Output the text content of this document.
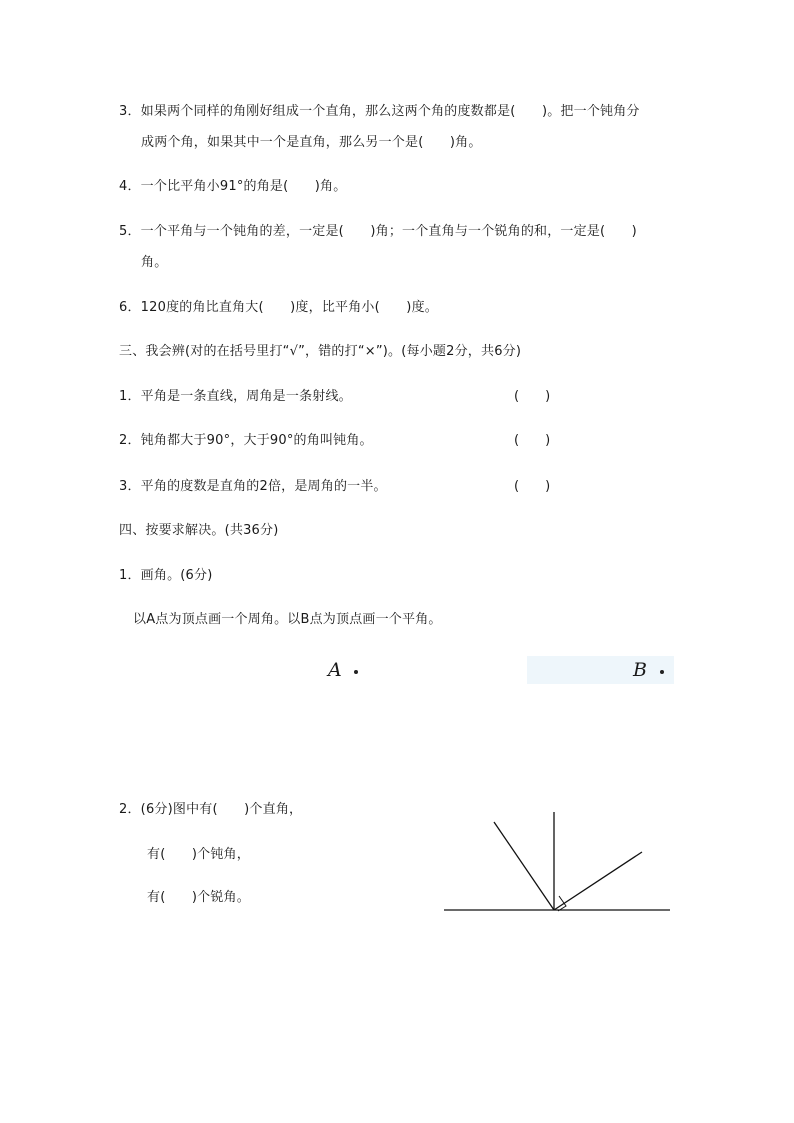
3．如果两个同样的角刚好组成一个直角，那么这两个角的度数都是(　　)。把一个钝角分
成两个角，如果其中一个是直角，那么另一个是(　　)角。
4．一个比平角小91°的角是(　　)角。
5．一个平角与一个钝角的差，一定是(　　)角；一个直角与一个锐角的和，一定是(　　)
角。
6．120度的角比直角大(　　)度，比平角小(　　)度。
三、我会辨(对的在括号里打“√”，错的打“×”)。(每小题2分，共6分)
1．平角是一条直线，周角是一条射线。	(　　)
2．钝角都大于90°，大于90°的角叫钝角。	(　　)
3．平角的度数是直角的2倍，是周角的一半。	(　　)
四、按要求解决。(共36分)
1．画角。(6分)
以A点为顶点画一个周角。以B点为顶点画一个平角。
A	B
2．(6分)图中有(　　)个直角，
有(　　)个钝角，
有(　　)个锐角。
